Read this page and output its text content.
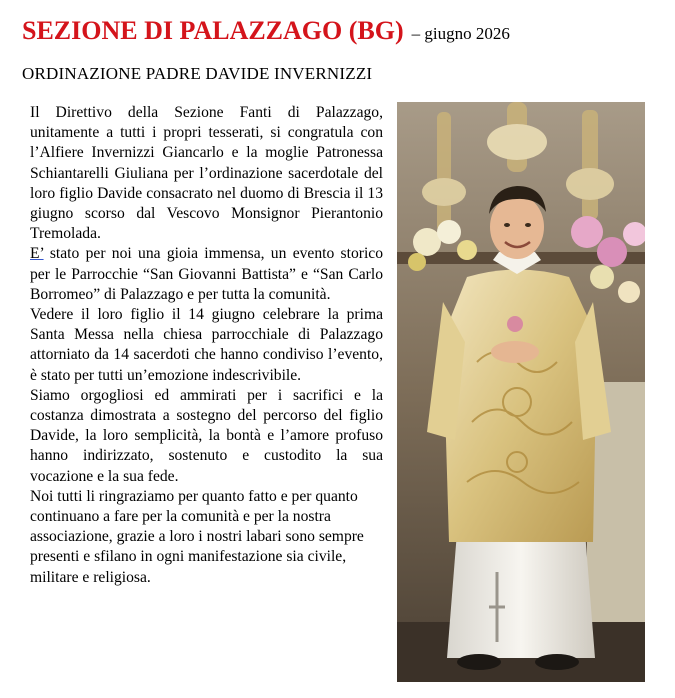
SEZIONE DI PALAZZAGO (BG) – giugno 2026
ORDINAZIONE PADRE DAVIDE INVERNIZZI

Il Direttivo della Sezione Fanti di Palazzago, unitamente a tutti i propri tesserati, si congratula con l’Alfiere Invernizzi Giancarlo e la moglie Patronessa Schiantarelli Giuliana per l’ordinazione sacerdotale del loro figlio Davide consacrato nel duomo di Brescia il 13 giugno scorso dal Vescovo Monsignor Pierantonio Tremolada.

E’ stato per noi una gioia immensa, un evento storico per le Parrocchie “San Giovanni Battista” e “San Carlo Borromeo” di Palazzago e per tutta la comunità.

Vedere il loro figlio il 14 giugno celebrare la prima Santa Messa nella chiesa parrocchiale di Palazzago attorniato da 14 sacerdoti che hanno condiviso l’evento, è stato per tutti un’emozione indescrivibile.

Siamo orgogliosi ed ammirati per i sacrifici e la costanza dimostrata a sostegno del percorso del figlio Davide, la loro semplicità, la bontà e l’amore profuso hanno indirizzato, sostenuto e custodito la sua vocazione e la sua fede.

Noi tutti li ringraziamo per quanto fatto e per quanto continuano a fare per la comunità e per la nostra associazione, grazie a loro i nostri labari sono sempre presenti e sfilano in ogni manifestazione sia civile, militare e religiosa.
